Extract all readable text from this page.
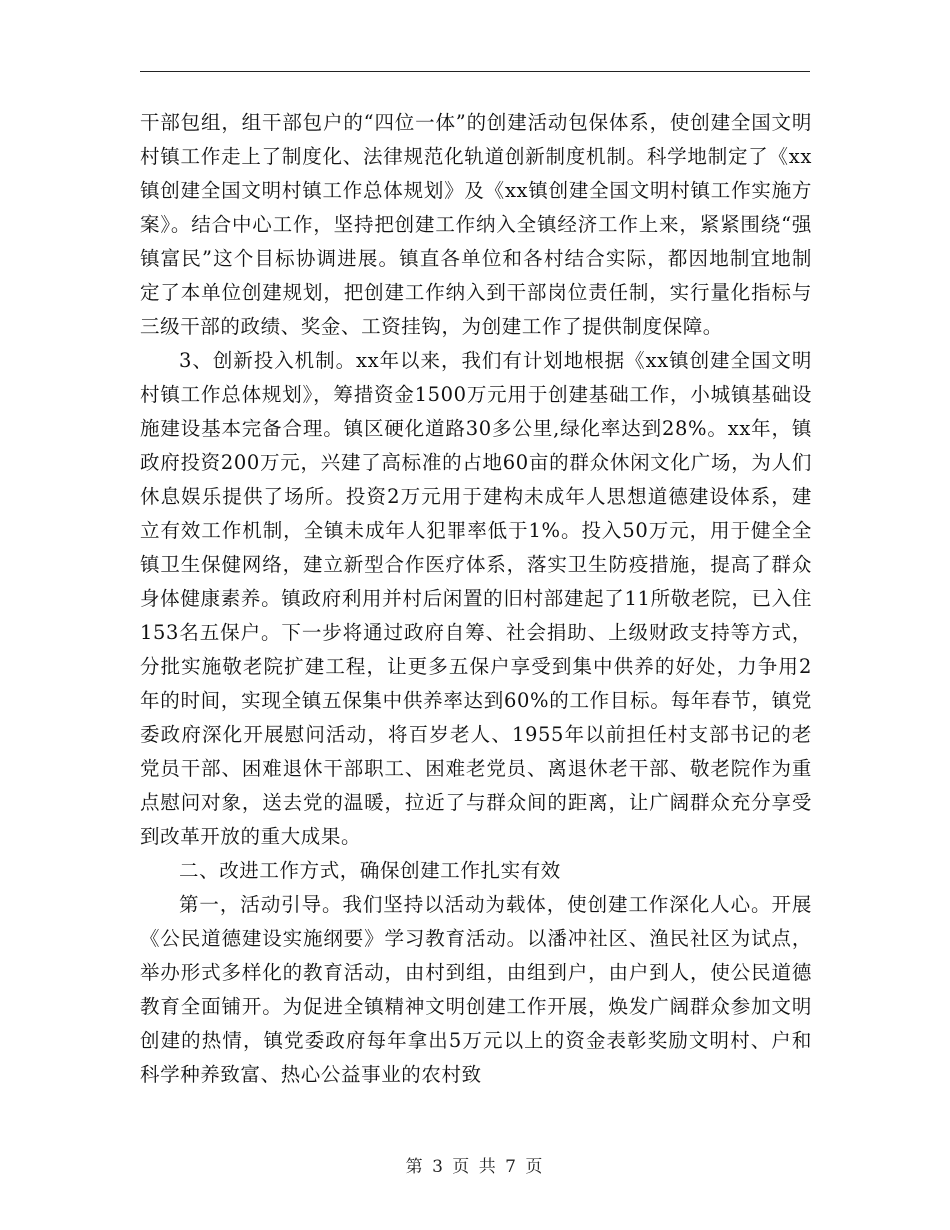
干部包组，组干部包户的“四位一体”的创建活动包保体系，使创建全国文明村镇工作走上了制度化、法律规范化轨道创新制度机制。科学地制定了《xx镇创建全国文明村镇工作总体规划》及《xx镇创建全国文明村镇工作实施方案》。结合中心工作，坚持把创建工作纳入全镇经济工作上来，紧紧围绕“强镇富民”这个目标协调进展。镇直各单位和各村结合实际，都因地制宜地制定了本单位创建规划，把创建工作纳入到干部岗位责任制，实行量化指标与三级干部的政绩、奖金、工资挂钩，为创建工作了提供制度保障。

3、创新投入机制。xx年以来，我们有计划地根据《xx镇创建全国文明村镇工作总体规划》，筹措资金1500万元用于创建基础工作，小城镇基础设施建设基本完备合理。镇区硬化道路30多公里,绿化率达到28%。xx年，镇政府投资200万元，兴建了高标准的占地60亩的群众休闲文化广场，为人们休息娱乐提供了场所。投资2万元用于建构未成年人思想道德建设体系，建立有效工作机制，全镇未成年人犯罪率低于1%。投入50万元，用于健全全镇卫生保健网络，建立新型合作医疗体系，落实卫生防疫措施，提高了群众身体健康素养。镇政府利用并村后闲置的旧村部建起了11所敬老院，已入住153名五保户。下一步将通过政府自筹、社会捐助、上级财政支持等方式，分批实施敬老院扩建工程，让更多五保户享受到集中供养的好处，力争用2年的时间，实现全镇五保集中供养率达到60%的工作目标。每年春节，镇党委政府深化开展慰问活动，将百岁老人、1955年以前担任村支部书记的老党员干部、困难退休干部职工、困难老党员、离退休老干部、敬老院作为重点慰问对象，送去党的温暖，拉近了与群众间的距离，让广阔群众充分享受到改革开放的重大成果。

二、改进工作方式，确保创建工作扎实有效

第一，活动引导。我们坚持以活动为载体，使创建工作深化人心。开展《公民道德建设实施纲要》学习教育活动。以潘冲社区、渔民社区为试点，举办形式多样化的教育活动，由村到组，由组到户，由户到人，使公民道德教育全面铺开。为促进全镇精神文明创建工作开展，焕发广阔群众参加文明创建的热情，镇党委政府每年拿出5万元以上的资金表彰奖励文明村、户和科学种养致富、热心公益事业的农村致

第 3 页 共 7 页
